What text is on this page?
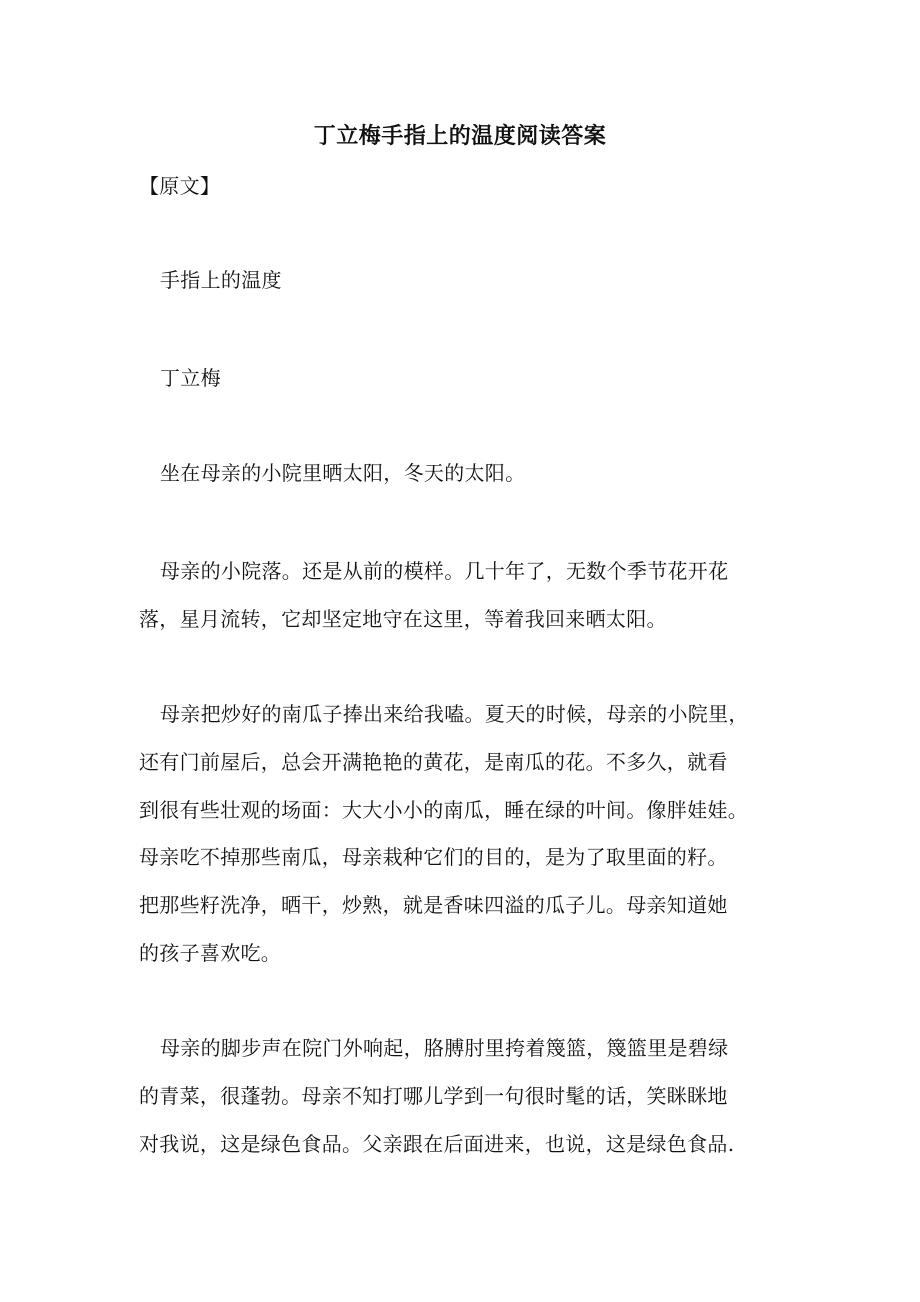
丁立梅手指上的温度阅读答案
【原文】
手指上的温度
丁立梅
坐在母亲的小院里晒太阳，冬天的太阳。
母亲的小院落。还是从前的模样。几十年了，无数个季节花开花
落，星月流转，它却坚定地守在这里，等着我回来晒太阳。
母亲把炒好的南瓜子捧出来给我嗑。夏天的时候，母亲的小院里，
还有门前屋后，总会开满艳艳的黄花，是南瓜的花。不多久，就看
到很有些壮观的场面：大大小小的南瓜，睡在绿的叶间。像胖娃娃。
母亲吃不掉那些南瓜，母亲栽种它们的目的，是为了取里面的籽。
把那些籽洗净，晒干，炒熟，就是香味四溢的瓜子儿。母亲知道她
的孩子喜欢吃。
母亲的脚步声在院门外响起，胳膊肘里挎着篾篮，篾篮里是碧绿
的青菜，很蓬勃。母亲不知打哪儿学到一句很时髦的话，笑眯眯地
对我说，这是绿色食品。父亲跟在后面进来，也说，这是绿色食品.
